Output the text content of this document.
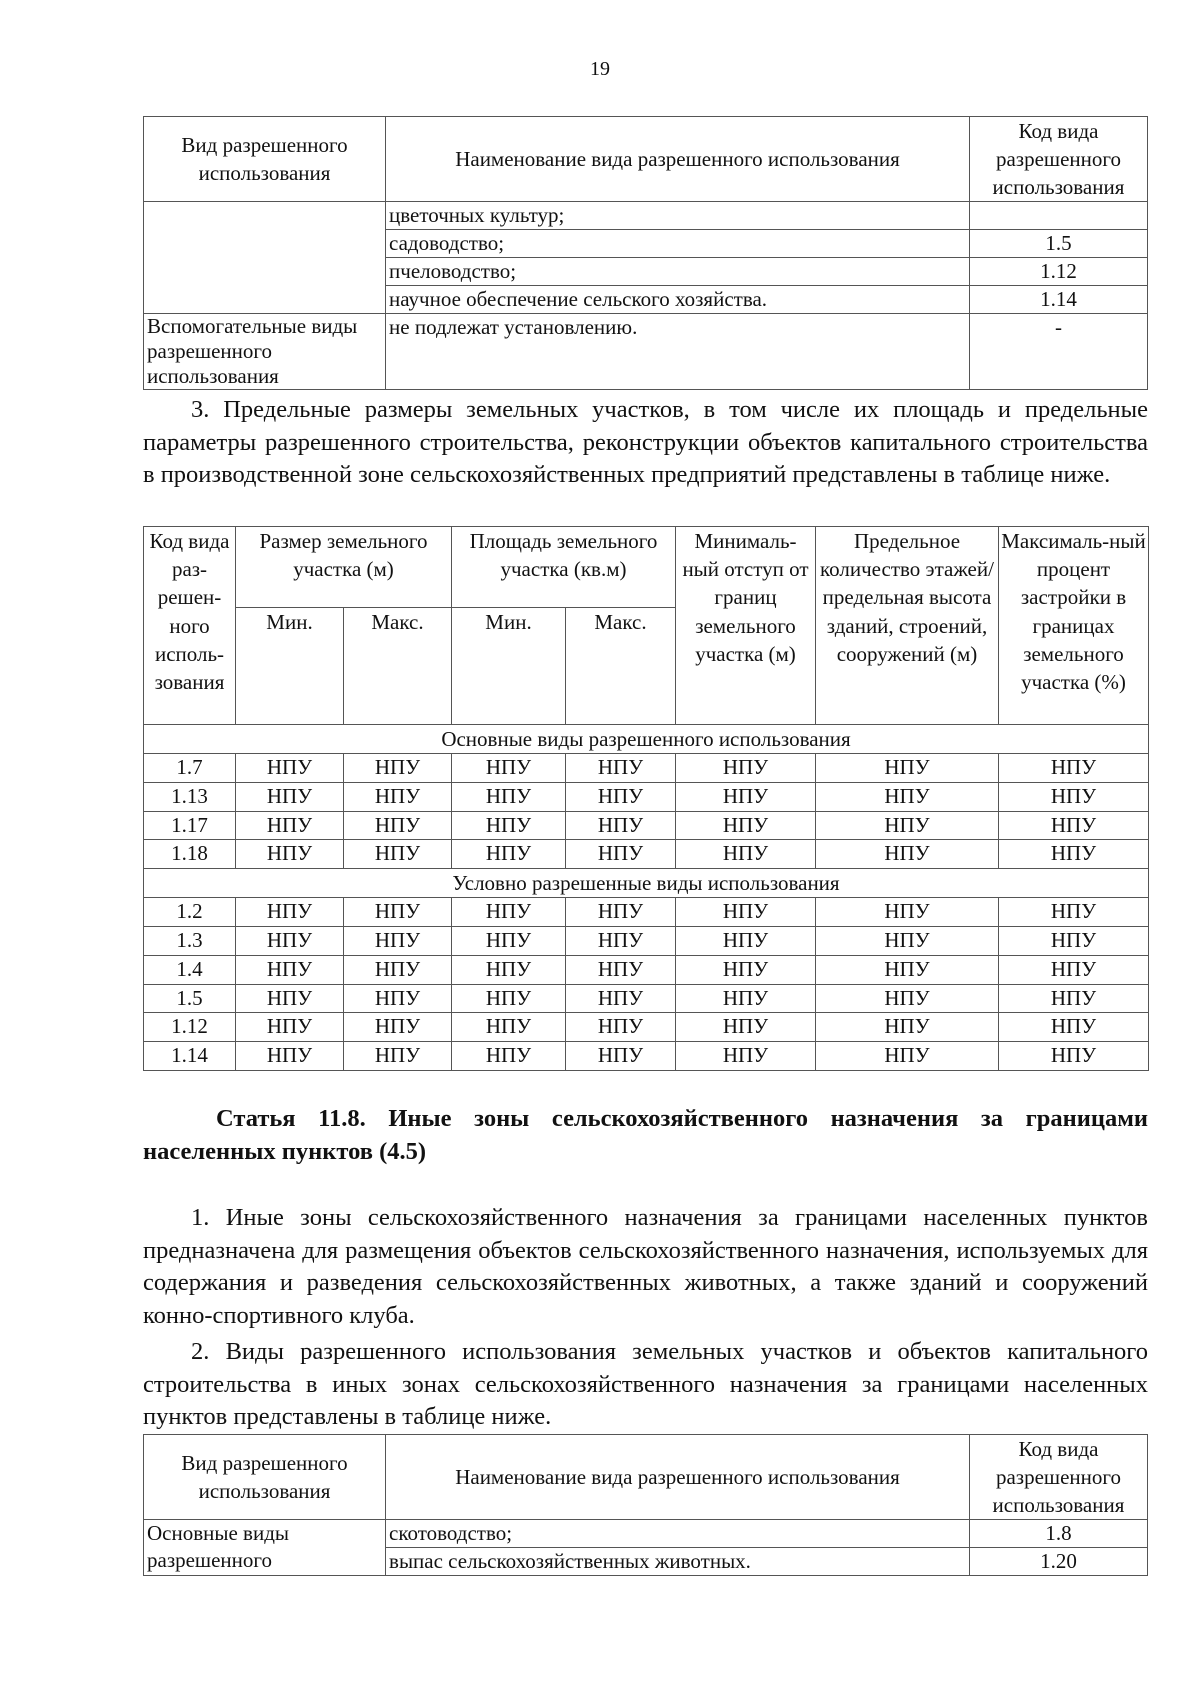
19
Вид разрешенного использования	Наименование вида разрешенного использования	Код вида разрешенного использования
	цветочных культур;	
	садоводство;	1.5
	пчеловодство;	1.12
	научное обеспечение сельского хозяйства.	1.14
Вспомогательные виды разрешенного использования	не подлежат установлению.	-
3. Предельные размеры земельных участков, в том числе их площадь и предельные параметры разрешенного строительства, реконструкции объектов капитального строительства в производственной зоне сельскохозяйственных предприятий представлены в таблице ниже.
Код вида раз-решен-ного исполь-зования	Размер земельного участка (м)		Площадь земельного участка (кв.м)		Минималь-ный отступ от границ земельного участка (м)	Предельное количество этажей/ предельная высота зданий, строений, сооружений (м)	Максималь-ный процент застройки в границах земельного участка (%)
	Мин.	Макс.	Мин.	Макс.			
Основные виды разрешенного использования							
1.7	НПУ	НПУ	НПУ	НПУ	НПУ	НПУ	НПУ
1.13	НПУ	НПУ	НПУ	НПУ	НПУ	НПУ	НПУ
1.17	НПУ	НПУ	НПУ	НПУ	НПУ	НПУ	НПУ
1.18	НПУ	НПУ	НПУ	НПУ	НПУ	НПУ	НПУ
Условно разрешенные виды использования							
1.2	НПУ	НПУ	НПУ	НПУ	НПУ	НПУ	НПУ
1.3	НПУ	НПУ	НПУ	НПУ	НПУ	НПУ	НПУ
1.4	НПУ	НПУ	НПУ	НПУ	НПУ	НПУ	НПУ
1.5	НПУ	НПУ	НПУ	НПУ	НПУ	НПУ	НПУ
1.12	НПУ	НПУ	НПУ	НПУ	НПУ	НПУ	НПУ
1.14	НПУ	НПУ	НПУ	НПУ	НПУ	НПУ	НПУ
Статья 11.8. Иные зоны сельскохозяйственного назначения за границами населенных пунктов (4.5)
1. Иные зоны сельскохозяйственного назначения за границами населенных пунктов предназначена для размещения объектов сельскохозяйственного назначения, используемых для содержания и разведения сельскохозяйственных животных, а также зданий и сооружений конно-спортивного клуба.
2. Виды разрешенного использования земельных участков и объектов капитального строительства в иных зонах сельскохозяйственного назначения за границами населенных пунктов представлены в таблице ниже.
Вид разрешенного использования	Наименование вида разрешенного использования	Код вида разрешенного использования
Основные виды разрешенного	скотоводство;	1.8
	выпас сельскохозяйственных животных.	1.20
